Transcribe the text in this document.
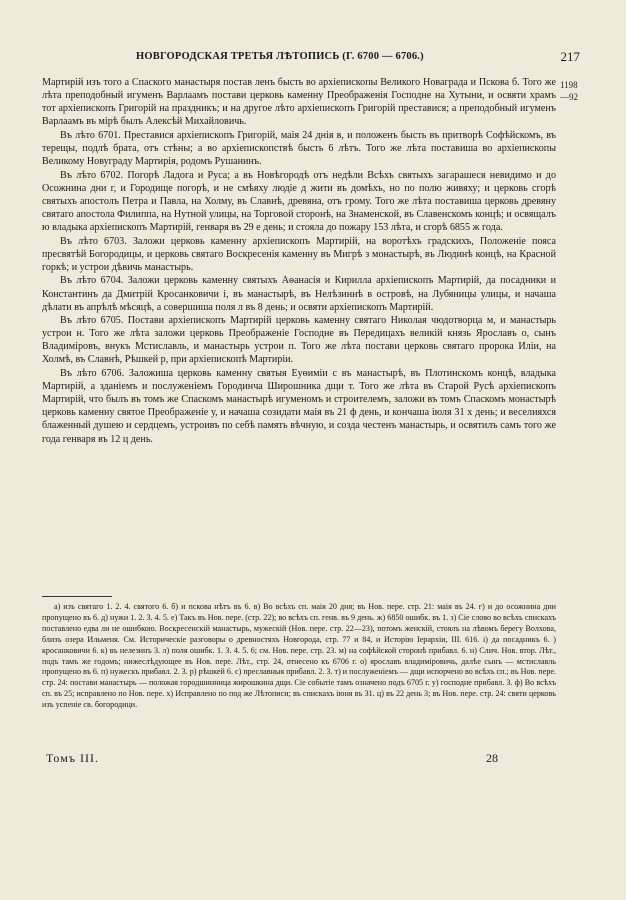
НОВГОРОДСКАЯ ТРЕТЬЯ ЛѢТОПИСЬ (Г. 6700 — 6706.)	217
1198
—92

Мартирій изъ того а Спаского манастыря постав ленъ бысть во архіепископы Великого Новаграда и Пскова б. Того же лѣта преподобный игуменъ Варлаамъ постави церковь каменну Преображенія Господне на Хутыни, и освяти храмъ тот архіепископъ Григорій на праздникъ; и на другое лѣто архіепископъ Григорій преставися; а преподобный игуменъ Варлаамъ въ мірѣ былъ Алексѣй Михайловичь.

Въ лѣто 6701. Преставися архіепископъ Григорій, маія 24 днія в, и положенъ бысть въ притворѣ Софѣйскомъ, въ терещы, подлѣ брата, отъ стѣны; а во архіепископствѣ бысть 6 лѣтъ. Того же лѣта поставиша во архіепископы Великому Новуграду Мартирія, родомъ Рушанинъ.

Въ лѣто 6702. Погорѣ Ладога и Руса; а въ Новѣгородѣ отъ недѣли Всѣхъ святыхъ загарашеся невидимо и до Осожнина дни г, и Городище погорѣ, и не смѣяху людіе д жити въ домѣхъ, но по полю живяху; и церковь сгорѣ святыхъ апостолъ Петра и Павла, на Холму, въ Славнѣ, древяна, отъ грому. Того же лѣта поставиша церковь древяну святаго апостола Филиппа, на Нутной улицы, на Торговой сторонѣ, на Знаменской, въ Славенскомъ концѣ; и освящалъ ю владыка архіепископъ Мартирій, генваря въ 29 е день; и стояла до пожару 153 лѣта, и сгорѣ 6855 ж года.

Въ лѣто 6703. Заложи церковь каменну архіепископъ Мартирій, на воротѣхъ градскихъ, Положеніе пояса пресвятѣй Богородицы, и церковь святаго Воскресенія каменну въ Мигрѣ з монастырѣ, въ Людинѣ концѣ, на Красной горкѣ; и устрои дѣвичь манастырь.

Въ лѣто 6704. Заложи церковь каменну святыхъ Аѳанасія и Кирилла архіепископъ Мартирій, да посадники и Константинъ да Дмитрій Кросанковичи і, въ манастырѣ, въ Нелѣзиннѣ в островѣ, на Лубяницы улицы, и начаша дѣлати въ апрѣлѣ мѣсяцѣ, а совершиша поля л въ 8 день; и освяти архіепископъ Мартирій.

Въ лѣто 6705. Постави архіепископъ Мартирій церковь каменну святаго Николая чюдотворца м, и манастырь устрои н. Того же лѣта заложи церковь Преображеніе Господне въ Передицахъ великій князь Ярославъ о, сынъ Владиміровъ, внукъ Мстиславль, и манастырь устрои п. Того же лѣта постави церковь святаго пророка Иліи, на Холмѣ, въ Славнѣ, Рѣшкей р, при архіепископѣ Мартиріи.

Въ лѣто 6706. Заложиша церковь каменну святыя Еуѳиміи с въ манастырѣ, въ Плотинскомъ концѣ, владыка Мартирій, а зданіемъ и послуженіемъ Городинча Широшника дщи т. Того же лѣта въ Старой Русѣ архіепископъ Мартирій, что былъ въ томъ же Спаскомъ манастырѣ игуменомъ и строителемъ, заложи въ томъ Спаскомъ монастырѣ церковь каменну святое Преображеніе у, и начаша созидати маія въ 21 ф день, и кончаша іюля 31 х день; и веселияхся блаженный душею и сердцемъ, устроивъ по себѣ память вѣчную, и созда честенъ манастырь, и освятилъ самъ того же года генваря въ 12 ц день.

а) изъ святаго 1. 2. 4. святого 6. б) и пскова нѣтъ въ 6. в) Во всѣхъ сп. маія 20 дня; въ Нов. пере. стр. 21: маія въ 24. г) и до осожнина дни пропущено въ 6. д) нужи 1. 2. 3. 4. 5. е) Такъ въ Нов. пере. (стр. 22); во всѣхъ сп. генв. въ 9 день. ж) 6850 ошибк. въ 1. з) Сіе слово во всѣхъ спискахъ поставлено едва ли не ошибкою. Воскресенскій манастырь, мужескій (Нов. пере. стр. 22—23), потомъ женскій, стоялъ на лѣвомъ берегу Волхова, близъ озера Ильменя. См. Историческіе разговоры о древностяхъ Новгорода, стр. 77 и 84, и Исторію Іерархіи, III. 616. і) да посадникъ 6. ) кросанковичи 6. к) въ нелезинъ 3. л) поля ошибк. 1. 3. 4. 5. 6; см. Нов. пере. стр. 23. м) на софѣйской сторонѣ прибавл. 6. н) Слич. Нов. втор. Лѣт., подъ тамъ же годомъ; нижеслѣдующее въ Нов. пере. Лѣт., стр. 24, отнесено къ 6706 г. о) ярославъ владиміровичь, далѣе сынъ — мстиславль пропущено въ 6. п) нужескъ прибавл. 2. 3. р) рѣшкей 6. с) преславныя прибавл. 2. 3. т) и послуженіемъ — дщи испорчено во всѣхъ сп.; въ Нов. пере. стр. 24: постави манастырь — положая городшинница жирошкина дщи. Сіе событіе тамъ означено подъ 6705 г. у) господне прибавл. 3. ф) Во всѣхъ сп. въ 25; исправлено по Нов. пере. х) Исправлено по под же Лѣтописи; въ спискахъ іюня въ 31. ц) въ 22 день 3; въ Нов. пере. стр. 24: святи церковь изъ успеніе св. богородици.

Томъ III.	28
